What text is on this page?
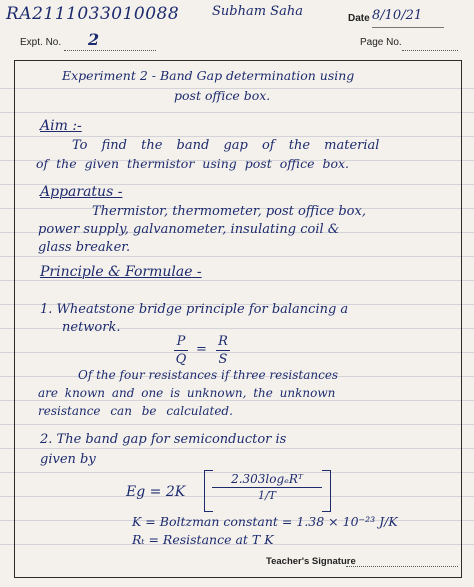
RA2111033010088	Subham Saha	Date 8/10/21
Expt. No. 2	Page No.
Experiment 2 - Band Gap determination using
post office box.
Aim :-
To find the band gap of the material
of the given thermistor using post office box.
Apparatus -
Thermistor, thermometer, post office box,
power supply, galvanometer, insulating coil &
glass breaker.
Principle & Formulae -
1. Wheatstone bridge principle for balancing a
network.
P
Q
=
R
S
Of the four resistances if three resistances
are known and one is unknown, the unknown
resistance can be calculated.
2. The band gap for semiconductor is
given by
Eg = 2K
2.303logₑRᵀ
1/T
K = Boltzman constant = 1.38 × 10⁻²³ J/K
Rₜ = Resistance at T K
Teacher's Signature
